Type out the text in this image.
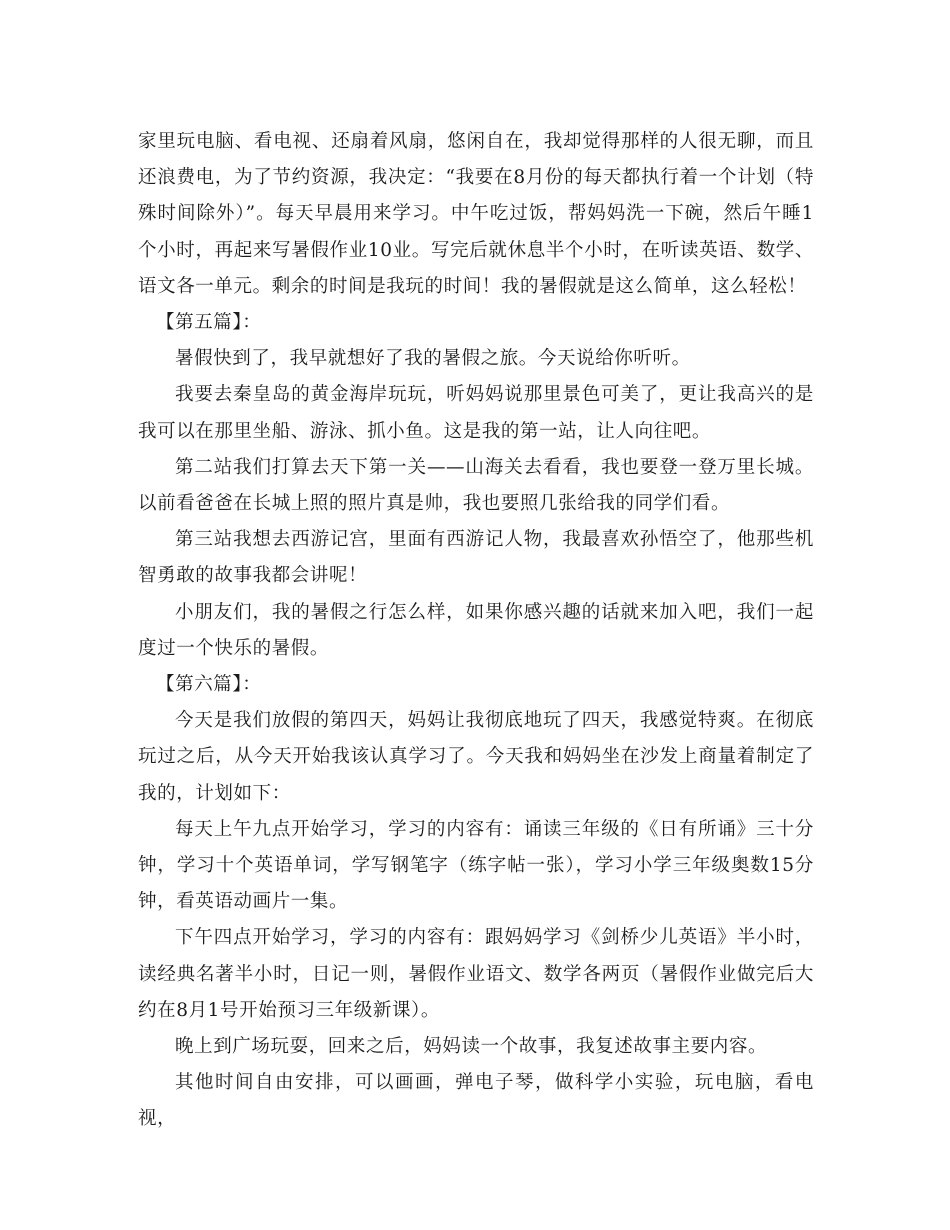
家里玩电脑、看电视、还扇着风扇，悠闲自在，我却觉得那样的人很无聊，而且还浪费电，为了节约资源，我决定：“我要在8月份的每天都执行着一个计划（特殊时间除外）”。每天早晨用来学习。中午吃过饭，帮妈妈洗一下碗，然后午睡1个小时，再起来写暑假作业10业。写完后就休息半个小时，在听读英语、数学、语文各一单元。剩余的时间是我玩的时间！我的暑假就是这么简单，这么轻松！

【第五篇】：

暑假快到了，我早就想好了我的暑假之旅。今天说给你听听。

我要去秦皇岛的黄金海岸玩玩，听妈妈说那里景色可美了，更让我高兴的是我可以在那里坐船、游泳、抓小鱼。这是我的第一站，让人向往吧。

第二站我们打算去天下第一关——山海关去看看，我也要登一登万里长城。以前看爸爸在长城上照的照片真是帅，我也要照几张给我的同学们看。

第三站我想去西游记宫，里面有西游记人物，我最喜欢孙悟空了，他那些机智勇敢的故事我都会讲呢！

小朋友们，我的暑假之行怎么样，如果你感兴趣的话就来加入吧，我们一起度过一个快乐的暑假。

【第六篇】：

今天是我们放假的第四天，妈妈让我彻底地玩了四天，我感觉特爽。在彻底玩过之后，从今天开始我该认真学习了。今天我和妈妈坐在沙发上商量着制定了我的，计划如下：

每天上午九点开始学习，学习的内容有：诵读三年级的《日有所诵》三十分钟，学习十个英语单词，学写钢笔字（练字帖一张），学习小学三年级奥数15分钟，看英语动画片一集。

下午四点开始学习，学习的内容有：跟妈妈学习《剑桥少儿英语》半小时，读经典名著半小时，日记一则，暑假作业语文、数学各两页（暑假作业做完后大约在8月1号开始预习三年级新课）。

晚上到广场玩耍，回来之后，妈妈读一个故事，我复述故事主要内容。

其他时间自由安排，可以画画，弹电子琴，做科学小实验，玩电脑，看电视，
